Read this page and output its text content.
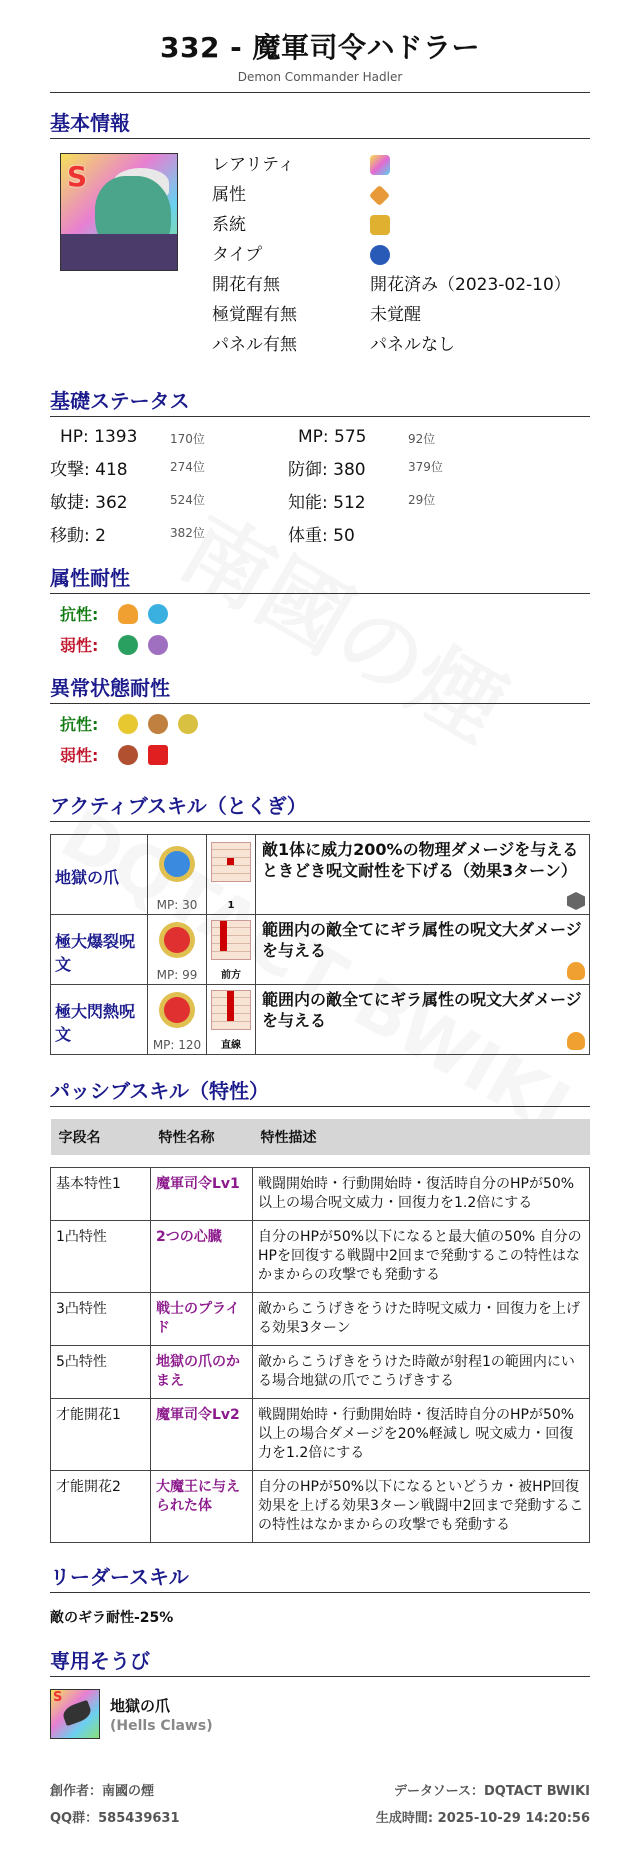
332 - 魔軍司令ハドラー
Demon Commander Hadler
基本情報
S	レアリティ
属性
系統
タイプ
開花有無	開花済み（2023-02-10）
極覚醒有無	未覚醒
パネル有無	パネルなし
基礎ステータス
HP: 1393	170位	MP: 575	92位
攻撃: 418	274位	防御: 380	379位
敏捷: 362	524位	知能: 512	29位
移動: 2	382位	体重: 50
属性耐性
抗性:
弱性:
異常状態耐性
抗性:
弱性:
アクティブスキル（とくぎ）
地獄の爪	MP: 30	1	敵1体に威力200%の物理ダメージを与える ときどき呪文耐性を下げる（効果3ターン）

極大爆裂呪文	MP: 99	前方	範囲内の敵全てにギラ属性の呪文大ダメージを与える

極大閃熱呪文	MP: 120	直線	範囲内の敵全てにギラ属性の呪文大ダメージを与える
パッシブスキル（特性）
字段名	特性名称	特性描述

基本特性1	魔軍司令Lv1	戦闘開始時・行動開始時・復活時自分のHPが50%以上の場合呪文威力・回復力を1.2倍にする
1凸特性	2つの心臓	自分のHPが50%以下になると最大値の50% 自分のHPを回復する戦闘中2回まで発動するこの特性はなかまからの攻撃でも発動する
3凸特性	戦士のプライド	敵からこうげきをうけた時呪文威力・回復力を上げる効果3ターン
5凸特性	地獄の爪のかまえ	敵からこうげきをうけた時敵が射程1の範囲内にいる場合地獄の爪でこうげきする
才能開花1	魔軍司令Lv2	戦闘開始時・行動開始時・復活時自分のHPが50%以上の場合ダメージを20%軽減し 呪文威力・回復力を1.2倍にする
才能開花2	大魔王に与えられた体	自分のHPが50%以下になるといどうカ・被HP回復効果を上げる効果3ターン戦闘中2回まで発動するこの特性はなかまからの攻撃でも発動する
リーダースキル
敵のギラ耐性-25%
専用そうび
S	地獄の爪
(Hells Claws)
創作者：南國の煙	データソース：DQTACT BWIKI
QQ群：585439631	生成時間: 2025-10-29 14:20:56
